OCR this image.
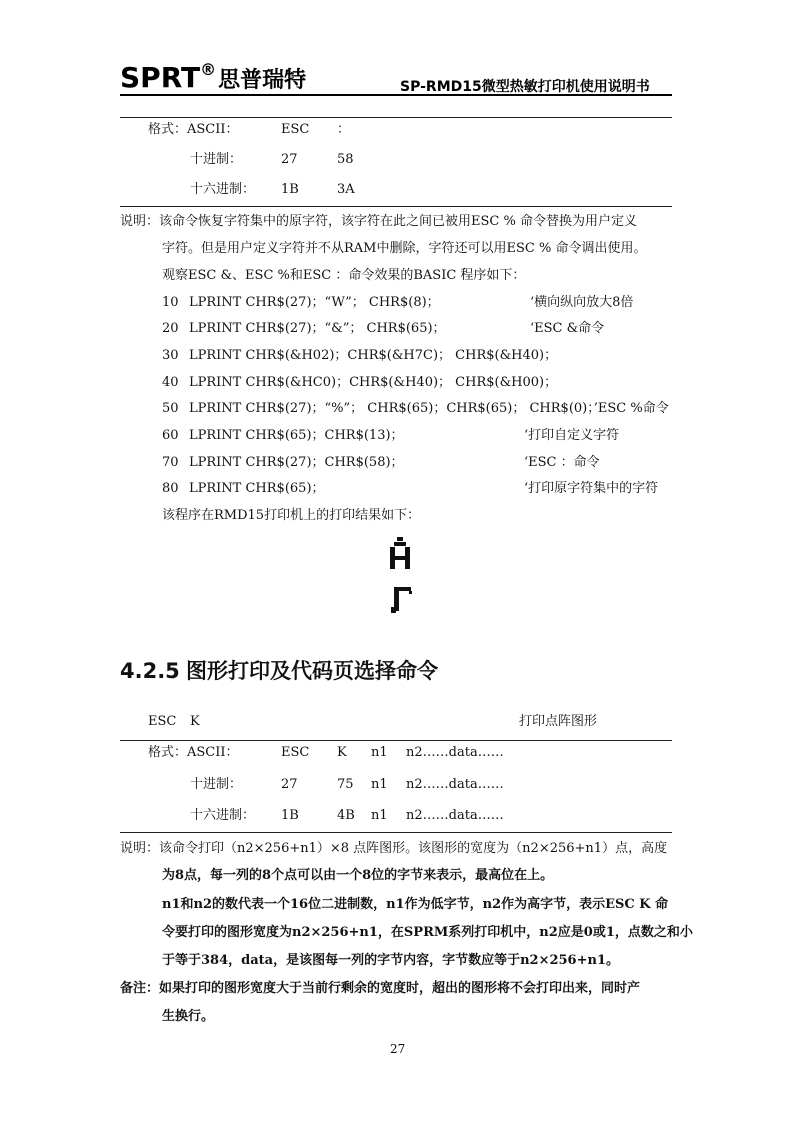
SPRT®思普瑞特	SP-RMD15微型热敏打印机使用说明书
格式：ASCII：	ESC ：
十进制：	27	58
十六进制： 1B	3A
说明：该命令恢复字符集中的原字符，该字符在此之间已被用ESC % 命令替换为用户定义
字符。但是用户定义字符并不从RAM中删除，字符还可以用ESC % 命令调出使用。
观察ESC &、ESC %和ESC ：命令效果的BASIC 程序如下：
10 LPRINT CHR$(27)；“W”； CHR$(8)；	‘横向纵向放大8倍
20 LPRINT CHR$(27)；“&”； CHR$(65)；	‘ESC &命令
30 LPRINT CHR$(&H02)；CHR$(&H7C)； CHR$(&H40)；
40 LPRINT CHR$(&HC0)；CHR$(&H40)； CHR$(&H00)；
50 LPRINT CHR$(27)；“%”； CHR$(65)；CHR$(65)； CHR$(0)；’ESC %命令
60 LPRINT CHR$(65)；CHR$(13)；	‘打印自定义字符
70 LPRINT CHR$(27)；CHR$(58)；	‘ESC ：命令
80 LPRINT CHR$(65)；	‘打印原字符集中的字符
该程序在RMD15打印机上的打印结果如下：
4.2.5 图形打印及代码页选择命令
ESC K	打印点阵图形
格式：ASCII：	ESC K n1 n2……data……
十进制：	27	75 n1 n2……data……
十六进制： 1B	4B n1 n2……data……
说明：该命令打印（n2×256+n1）×8 点阵图形。该图形的宽度为（n2×256+n1）点，高度
为8点，每一列的8个点可以由一个8位的字节来表示，最高位在上。
n1和n2的数代表一个16位二进制数，n1作为低字节，n2作为高字节，表示ESC K 命
令要打印的图形宽度为n2×256+n1，在SPRM系列打印机中，n2应是0或1，点数之和小
于等于384，data，是该图每一列的字节内容，字节数应等于n2×256+n1。
备注：如果打印的图形宽度大于当前行剩余的宽度时，超出的图形将不会打印出来，同时产
生换行。
27
